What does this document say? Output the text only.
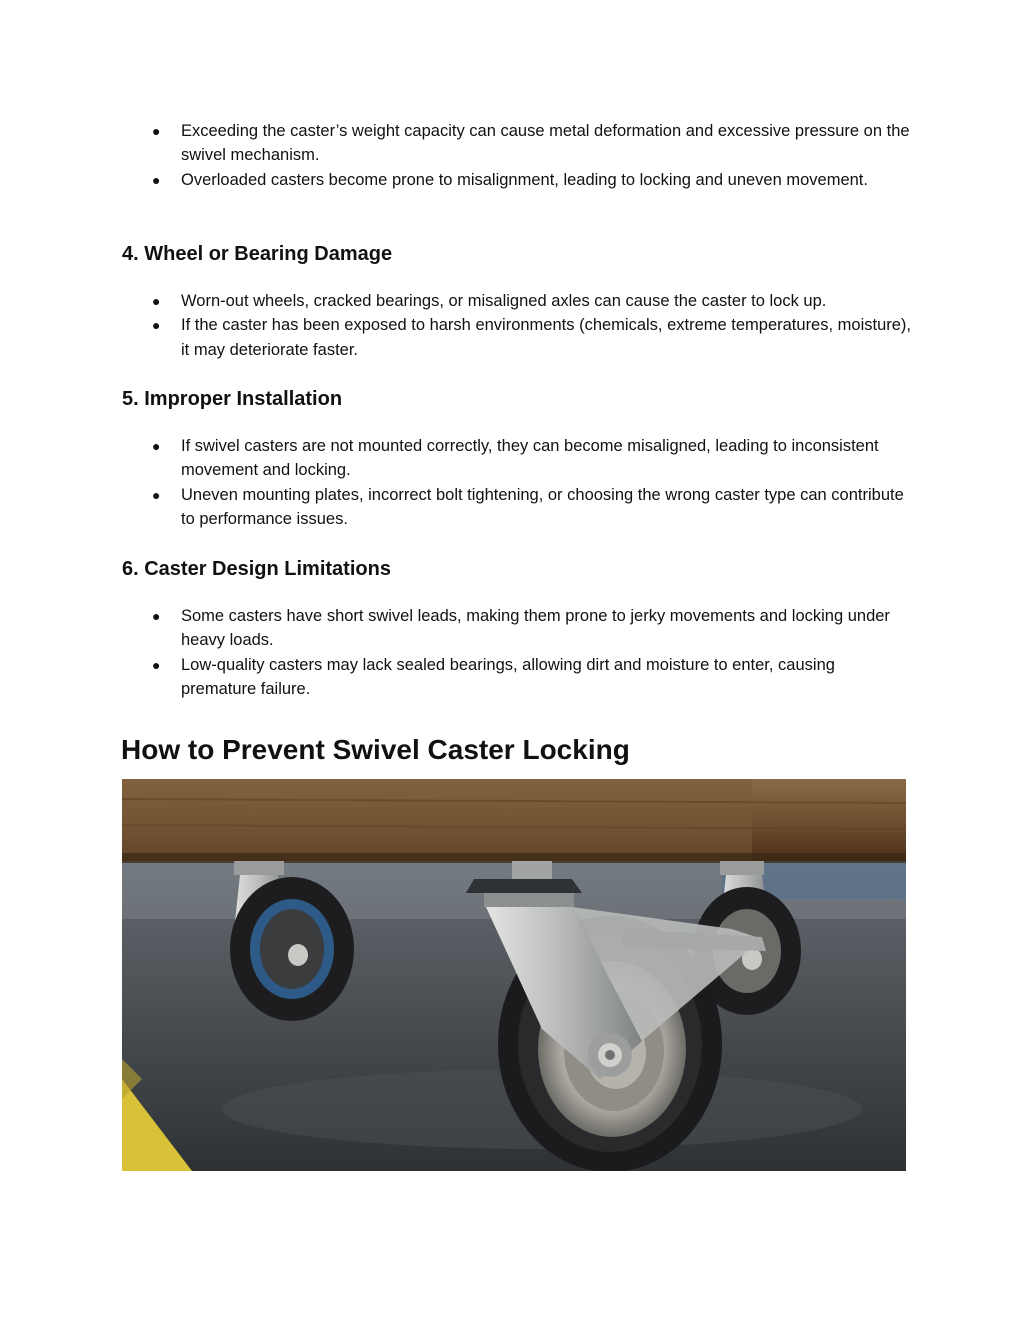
● Exceeding the caster’s weight capacity can cause metal deformation and excessive pressure on the swivel mechanism.
● Overloaded casters become prone to misalignment, leading to locking and uneven movement.
4. Wheel or Bearing Damage
● Worn-out wheels, cracked bearings, or misaligned axles can cause the caster to lock up.
● If the caster has been exposed to harsh environments (chemicals, extreme temperatures, moisture), it may deteriorate faster.
5. Improper Installation
● If swivel casters are not mounted correctly, they can become misaligned, leading to inconsistent movement and locking.
● Uneven mounting plates, incorrect bolt tightening, or choosing the wrong caster type can contribute to performance issues.
6. Caster Design Limitations
● Some casters have short swivel leads, making them prone to jerky movements and locking under heavy loads.
● Low-quality casters may lack sealed bearings, allowing dirt and moisture to enter, causing premature failure.
How to Prevent Swivel Caster Locking
